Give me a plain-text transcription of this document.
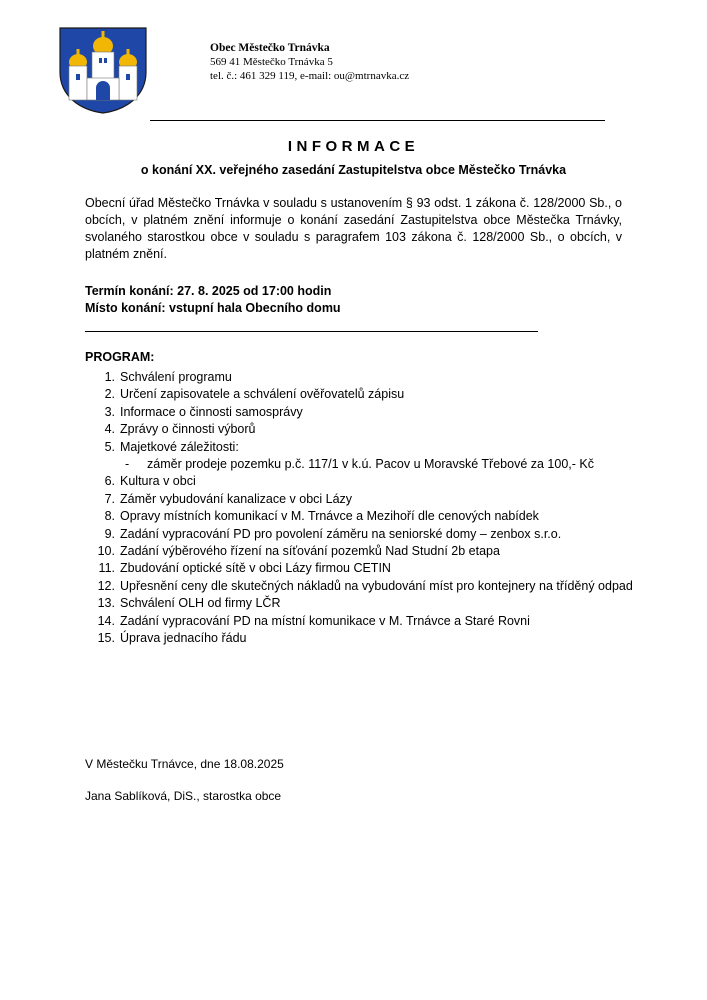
Obec Městečko Trnávka
569 41 Městečko Trnávka 5
tel. č.: 461 329 119, e-mail: ou@mtrnavka.cz
INFORMACE
o konání XX. veřejného zasedání Zastupitelstva obce Městečko Trnávka
Obecní úřad Městečko Trnávka v souladu s ustanovením § 93 odst. 1 zákona č. 128/2000 Sb., o obcích, v platném znění informuje o konání zasedání Zastupitelstva obce Městečka Trnávky, svolaného starostkou obce v souladu s paragrafem 103 zákona č. 128/2000 Sb., o obcích, v platném znění.
Termín konání: 27. 8. 2025 od 17:00 hodin
Místo konání: vstupní hala Obecního domu
PROGRAM:
1. Schválení programu
2. Určení zapisovatele a schválení ověřovatelů zápisu
3. Informace o činnosti samosprávy
4. Zprávy o činnosti výborů
5. Majetkové záležitosti:
-	záměr prodeje pozemku p.č. 117/1 v k.ú. Pacov u Moravské Třebové za 100,- Kč
6. Kultura v obci
7. Záměr vybudování kanalizace v obci Lázy
8. Opravy místních komunikací v M. Trnávce a Mezihoří dle cenových nabídek
9. Zadání vypracování PD pro povolení záměru na seniorské domy – zenbox s.r.o.
10. Zadání výběrového řízení na síťování pozemků Nad Studní 2b etapa
11. Zbudování optické sítě v obci Lázy firmou CETIN
12. Upřesnění ceny dle skutečných nákladů na vybudování míst pro kontejnery na tříděný odpad
13. Schválení OLH od firmy LČR
14. Zadání vypracování PD na místní komunikace v M. Trnávce a Staré Rovni
15. Úprava jednacího řádu
V Městečku Trnávce, dne 18.08.2025
Jana Sablíková, DiS., starostka obce
